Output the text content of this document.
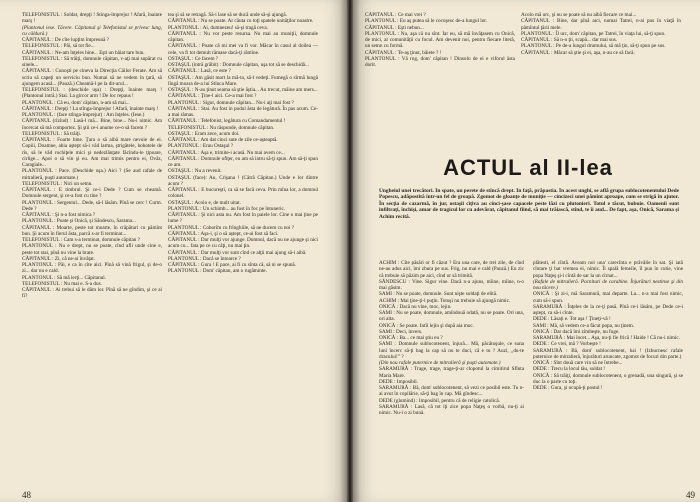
TELEFONISTUL : Soldat, drepţi ! Stinga-împrejur ! Afară, înainte marş !

(Plantonul iese. Tăcere. Căpitanul şi Telefonistul se privesc lung, cu căldură.)

CĂPITANUL : De cîte lupţim împreună ?

TELEFONISTUL : Păi, să tot fie...

CĂPITANUL : Ne-am înţeles bine... Eşti un băiat tare bun.

TELEFONISTUL : Să trăiţi, domnule căpitan, v-aţi mai supărat cu sinele...

CĂPITANUL : Cunoşti pe cineva la Direcţia Căilor Ferate. Am să scriu să capeţi un serviciu bun. Numai să ne vedem în ţară, să ajungem acasă... (Pauză.) Cheamă-l pe la dit-arul...

TELEFONISTUL : (deschide uşa) : Drepţi, înainte marş ! (Plantonul intră.) Stai. La gircor arm ! De loc repaus !

PLANTONUL : Că eu, dom' căpitan, n-am să mai...

CĂPITANUL : Drepţi ! La stînga-împrejur ! Afară, înainte marş !

PLANTONUL : (face stînga-împrejur) : Am înţeles. (Iese.)

CĂPITANUL (rîzînd) : Lasă-l mă... Bine, bine... Nu-i nimic. Am încercat să mă comportez. Şi ştii ce-i anume ce-o să facem ?

TELEFONISTUL : Să trăiţi.

CĂPITANUL : Foarte bine. Ţara o să aibă mare nevoie de ei. Copiii, Doamne, abia aştept să-i văd larma, ştrigătele, hohotele de rîs, să le văd rochiţele mici şi nedezlănţate făcîndu-le ţipoare, cirlige... Apoi o să vin şi eu. Am mai trimis pentru ei, Ovăz, Caragiale...

PLANTONUL : Pace. (Deschide uşa.) Aici ? (Se aud rafale de mitralieră, puşti automate.)

TELEFONISTUL : Nici un semn.

CĂPITANUL : E timbrul. Şi ce-i Dede ? Cum se cheamă. Domnule sergent, şi ce-a fost cu tine ?

PLANTONUL : Sergentul... Dede, să-l lăsăm. Pînă se cerc ! Curm. Dede ?

CĂPITANUL : Şi n-a fost nimica ?

PLANTONUL : Poate şi Onică, şi Săndescu, Sarama...

CĂPITANUL : Moarte, peste tot moarte, în crăpături cu pămînt bun. Şi acum în fierul ăsta, parcă s-ar fi terminat...

TELEFONISTUL : Cam s-a terminat, domnule căpitan ?

PLANTONUL : Nu e drept, nu se poate, cînd afli unde cine e, peste tot stai, pînă nu vine la brate.

CĂPITANUL : Zi, că ne-ai învăţat.

PLANTONUL : Păi, e ca în cîte aici. Pînă să vină frigul, şi de-o zi... dar nu e cald.

PLANTONUL : Să mă ierţi... Căpitanul.

TELEFONISTUL : Nu mai e. S-a dus.

CĂPITANUL : Ai trebui să le dăm lor. Pînă să ne gîndim, şi ce ai fi?

tea şi să se retragă. Să-i lase să se ducă unde să-şi ajungă.

CĂPITANUL : Nu se poate. Ar căuta cu toţi spatele unităţilor noastre.

PLANTONUL : Ai, dumnezeu! să-şi tragă ceva.

CĂPITANUL : Nu vor peste resursa. Nu mai au muniţii, domnule căpitan.

CĂPITANUL : Poate că mi mei va fi vor. Măcar în casul al doilea — cele, va fi tot demult rămase dacă-ţi rămîne.

OSTAŞUL : Ce facem ?

OSTAŞUL (intră grăbit) : Domnule căpitan, uşa tot să se deschidă...

CĂPITANUL : Lasă, ce este ?

OSTAŞUL : Am găsit mort la mă-ta, să-l vedeţi. Fumegă o sîrmă lungă lîngă moara de-a lui Stînca Mare.

OSTAŞUL : N-au ţinut seama să ştie ăştia... Au trecut, mâine am mers...

CĂPITANUL : Ţine-l aici. Ce-a mai fost ?

PLANTONUL : Sigur, domnule căpitan... Nu-i aţi mai fost ?

CĂPITANUL : Stai. Au fost in podul ăsta de legătură. În pas acum. Ce-a mai rămas.

CĂPITANUL : Telefonist, legătura cu Comandamentul !

TELEFONISTUL : Nu răspunde, domnule căpitan.

OSTAŞUL : Eram zece, acum doi.

CĂPITANUL : Am dat cinci sute de zile ce-aşteaptă.

PLANTONUL : Erau Ostaşul ?

CĂPITANUL : Aşa e, trimite-i acasă. Nu mai avem ce...

CĂPITANUL : Domnule ofiţer, eu am să intru să-ţi spun. Am să-ţi spun ce am.

OSTAŞUL : Nu a revenit.

OSTAŞUL (face): Au, Crişana ! (Cătră Căpitan.) Unde e lor dintre acum ?

CĂPITANUL : E bucureşti, ca să se facă ceva. Prin mîna lor, a domnul colonel.

OSTAŞUL : Acolo e, de mult uitat.

PLANTONUL : Un schimb... au fost în foc pe întuneric.

CĂPITANUL : Şi nici asta nu. Am fost în paiele lor. Cine o mai ţine pe lume ?

PLANTONUL : Coborîm cu frînghiile, să ne ducem cu noi ?

CĂPITANUL : Aşa-i, şi o să aştept, ce-ai fost să faci.

CĂPITANUL : Dar mulţi vor ajunge. Domnul, dacă nu ne ajunge şi nici acum cu... fata pe ce cu câţi, nu mai ţin.

CĂPITANUL : Dar mulţi vor sunt cînd ce alţii mai ajung să-i aibă.

PLANTONUL : Dacă se întoarce ?

CĂPITANUL : Gura ! E pace, ai fi cu sînta că, să ni se spună.

PLANTONUL : Dom' căpitan, am o rugăminte.

48

CĂPITANUL : Ce mai vrei ?

PLANTONUL : Eu aş putea să le cocoşesc de-a lungul lor.

CĂPITANUL : Eşti nebun...

PLANTONUL : Nu, aşa că nu sînt. Iar eu, să mă învăţasem cu Onică, de mici, al comunităţii cu focul. Am devenit noi, pentru fiecare literă, un semn cu formă.

CĂPITANUL : Te-aş ţinut, băiete ? !

PLANTONUL : Vă rog, dom' căpitan ! Dinsolo de ei e viforul ăsta dorit.

Acolo mă urc, şi nu se poate să nu aibă fiecare ce mai...

CĂPITANUL : Bine, dar pînă aici, numai Tatrei, n-ai pus în viaţă în pămîntul ţării mele.

PLANTONUL : Îl urc, dom' căpitan, pe Tatrei, în viaţa lui, să-ţi spun.

CĂPITANUL : Să n-o ţii, scapă... dar mai sus.

PLANTONUL : Pe de-a lungul drumului, să mă ţin, să-ţi spun pe sus.

CĂPITANUL : Măcar să ştie şi ei, aşa, n-au ce să facă.

ACTUL al II-lea
Ungheiul unei trecători. În spate, un perete de stîncă drept. În faţă, prăpastia. În acest unghi, se află grupa sublocotenentului Dede Popescu, adăpostită într-un fel de groapă. Zgomot de gloanţe de muniţie — cincizeci unei pămînt aproape, cum se strigă în ajutor. În secţia de cazarmă, în jur, ostaşii cîţiva au cinci-şase capacele peste lăzi cu plutonieri. Totul e tăcut, bubuie. Oamenii sunt infiltraţi, închişi, amar de tragicul lor cu adevărat, căpitanul fiind, să mai trăiască, stînd, te îi aud... De fapt, aşa, Onică, Sarama şi Achim recită.

ACHIM : Cîte păsări or fi căzut ? Era una care, de trei zile, de cînd ne-au adus aici, îmi zbura pe sus. Frig, nu mai e cald (Pauză.) Eu zic că trebuie să păzim pe aici, cînd or să trimită.

SĂNDESCU : Vine. Sigur vine. Dacă n-a ajuns, mîine, mîine, n-o mai găsim.

SAMI : Nu se poate, domnule. Sunt nişte soldaţi de elită.

ACHIM : Mai ţine-ţi-l puţin. Totuşi nu trebuie să ajungă nimic.

ONICĂ : Dacă nu vine, moc, lejin.

SAMI : Nu se poate, domnule, amîndouă odată, nu se poate. Ori una, ori alta.

ONICĂ : Se poate. Intîi lejin şi după aia moc.

SAMI : Deci, invers.

ONICĂ : Ba... ce mai ştiu eu ?

SAMI : Domnule sublocotenent, înjură... Mă, păcătoşule, ce suna luni încerc să-ţi bag la cap să nu te duci, că e tu ? Auzi, „du-te dracului!” ?

(Din nou rafale puternice de mitralieră şi puşti automate.)

SARAMURĂ : Trage, trage, trage-ţi-ar clopotul la cimitirul Sfînta Maria Mare.

DEDE : Imposibil.

SARAMURĂ : Bă, dom' sublocotenent, să vezi ce posibil este. Tu n-ai avut în copilărie, să-ţi bag în cap. Mă gîndesc...

DEDE (glumind) : Imposibil, pentru că de religie catolică.

SARAMURĂ : Lasă, că tot îţi zice popa Naţeş o vorbă, nu-ţi ai nimic. Nu-i o zi bună.

plătesti, el cîntă. Aveam noi una' carecînta e prăvălie în sat. Şi iată cîntare ţi bat vremea ei, nimic. Îl spală femeile, îl pun în cutie, vine popa Naţeş şi-i cîntă de sar la un cîrnat...

(Rafale de mitralieră. Pocnituri de carabine. Înjurături nestinse şi din nou tăcere.)

ONICĂ : Şi zi-i, mă Saramură, mai departe. La... n-a mai fost nimic, cum să-i spun.

SARAMURĂ : Înţeles de la ce-ţi pasă. Pînă ce-i lăsăm, pe Dede ce-i aştept, ca să-i cînte.

DEDE : Lăsaţi e. Tot aşa ! Ţineţi-vă !

SAMI : Mă, să vedem ce-a făcut popa, nu ţinem.

ONICĂ : Dar dacă îmi zîmbeşte, nu fuge.

SARAMURĂ : Mai încet... Aşa, nu-ţi fie frică ! Haide ! Că nu-i nimic.

DEDE : Ce vrei, mă ? Vorbeşte !

SARAMURĂ : Bă, dom' sublocotenent, hai ! (Izbucnesc rafale puternice de mitralieră, înjurături aruncate, zgomot de focuri din parte.)

ONICĂ : Sînt două care vin să ne întrebe...

DEDE : Trecu la locul tău, soldat !

ONICĂ : Să trăiţi, domnule sublocotenent, o grenadă, una singură, şi se duc la o parte cu toţi.

DEDE : Gura, şi ocupă-ţi postul !

49
